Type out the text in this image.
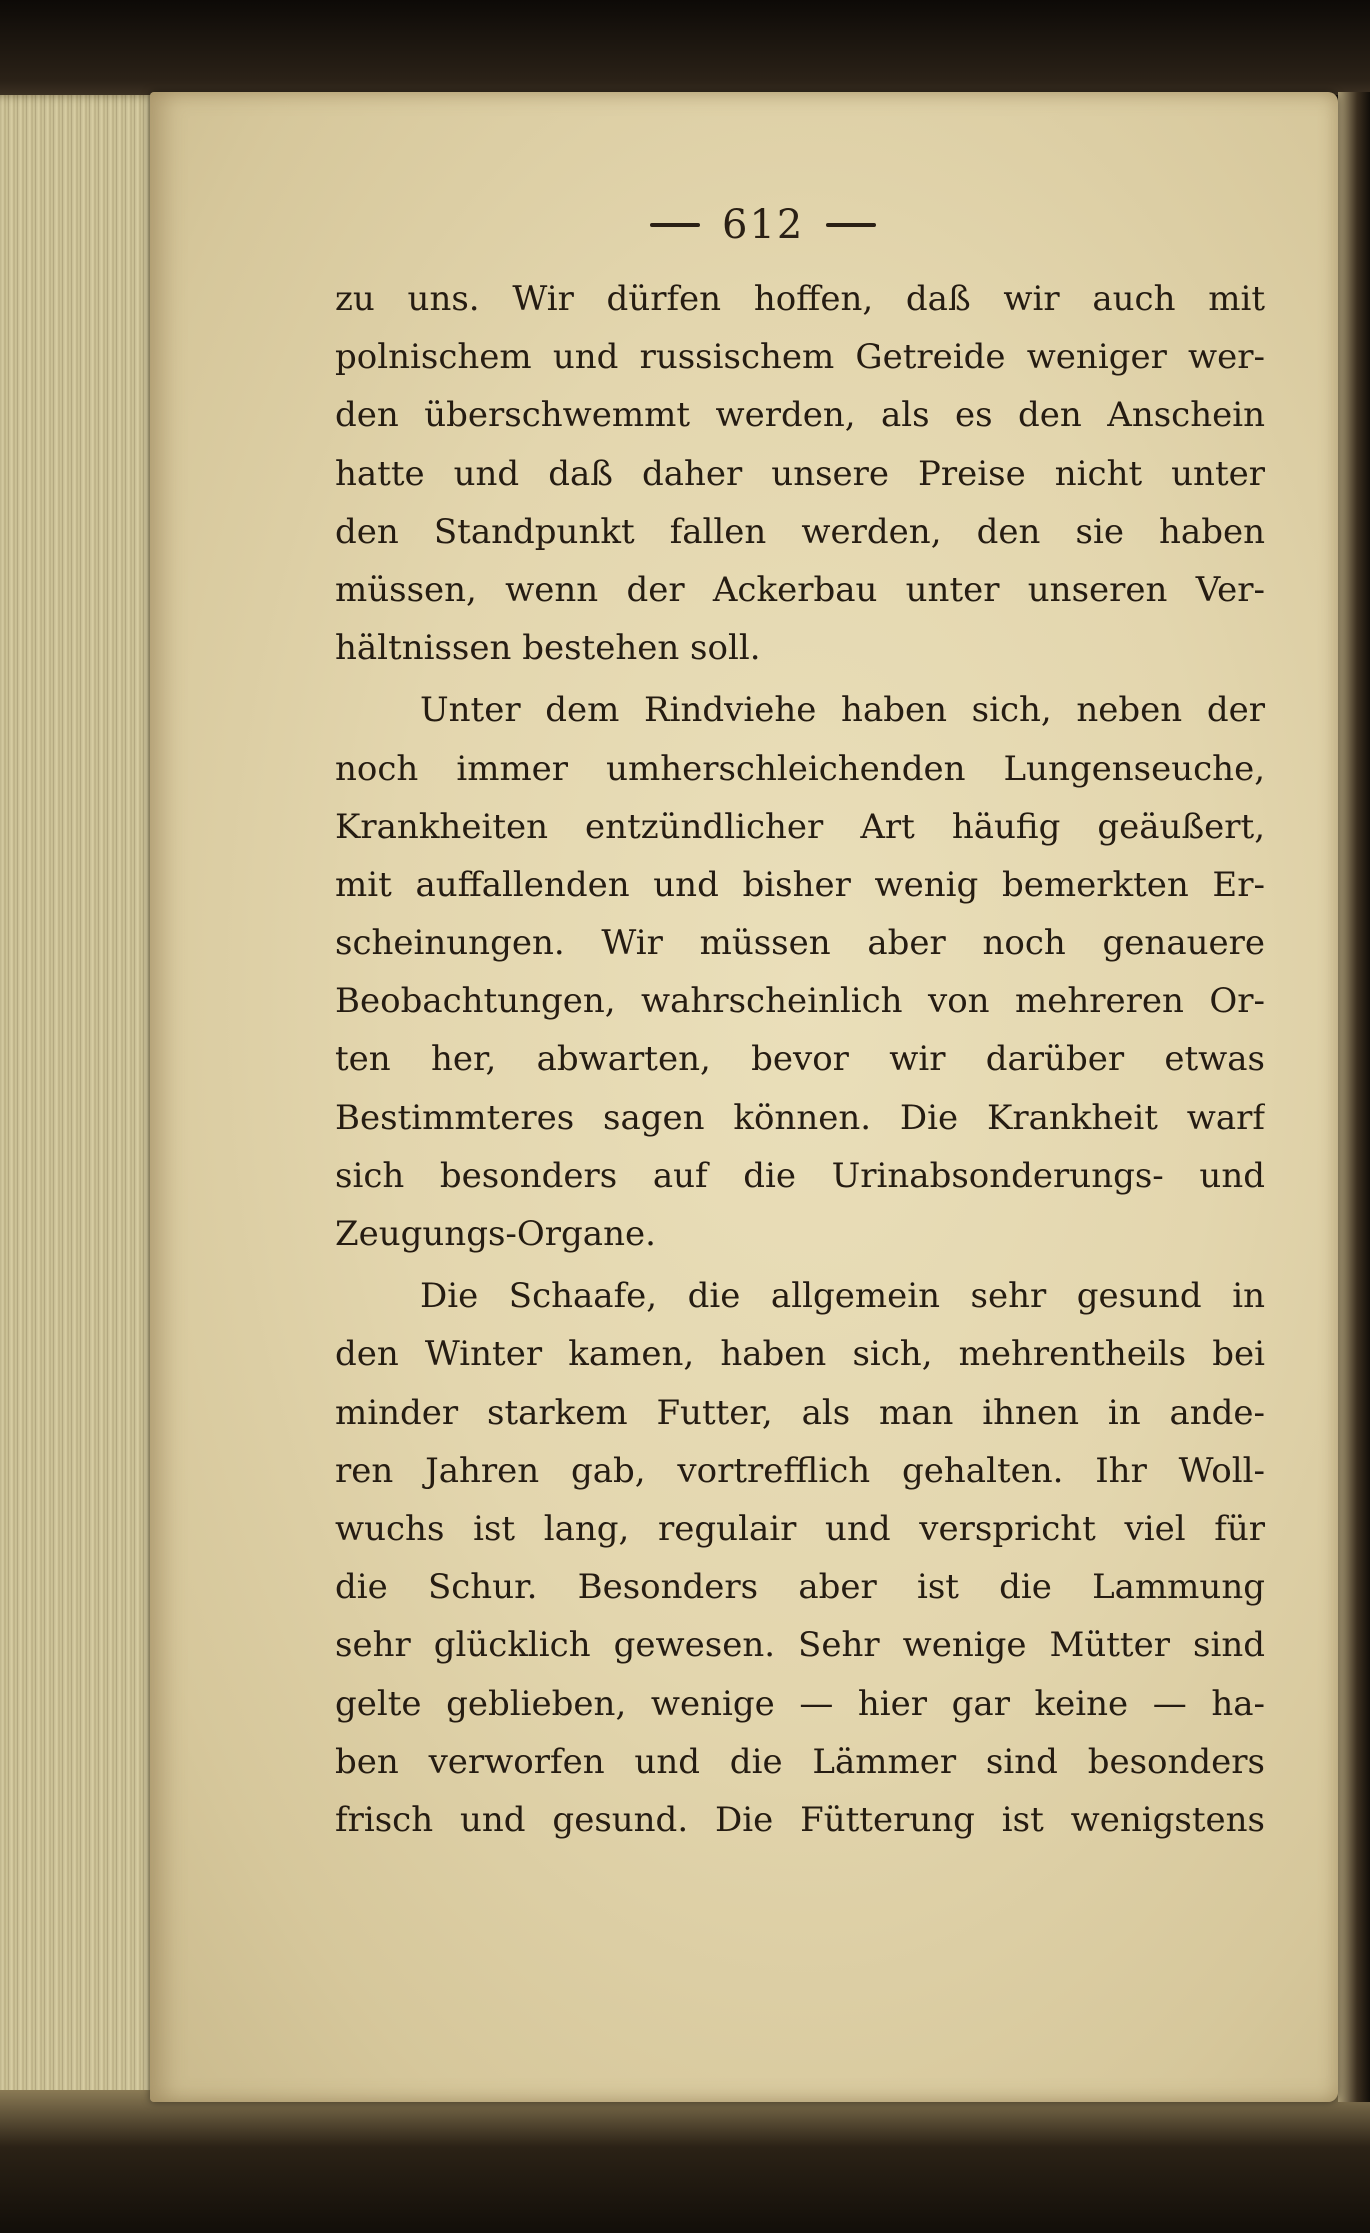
612
zu uns. Wir dürfen hoffen, daß wir auch mit
polnischem und russischem Getreide weniger wer-
den überschwemmt werden, als es den Anschein
hatte und daß daher unsere Preise nicht unter
den Standpunkt fallen werden, den sie haben
müssen, wenn der Ackerbau unter unseren Ver-
hältnissen bestehen soll.
Unter dem Rindviehe haben sich, neben der
noch immer umherschleichenden Lungenseuche,
Krankheiten entzündlicher Art häufig geäußert,
mit auffallenden und bisher wenig bemerkten Er-
scheinungen. Wir müssen aber noch genauere
Beobachtungen, wahrscheinlich von mehreren Or-
ten her, abwarten, bevor wir darüber etwas
Bestimmteres sagen können. Die Krankheit warf
sich besonders auf die Urinabsonderungs- und
Zeugungs-Organe.
Die Schaafe, die allgemein sehr gesund in
den Winter kamen, haben sich, mehrentheils bei
minder starkem Futter, als man ihnen in ande-
ren Jahren gab, vortrefflich gehalten. Ihr Woll-
wuchs ist lang, regulair und verspricht viel für
die Schur. Besonders aber ist die Lammung
sehr glücklich gewesen. Sehr wenige Mütter sind
gelte geblieben, wenige — hier gar keine — ha-
ben verworfen und die Lämmer sind besonders
frisch und gesund. Die Fütterung ist wenigstens
